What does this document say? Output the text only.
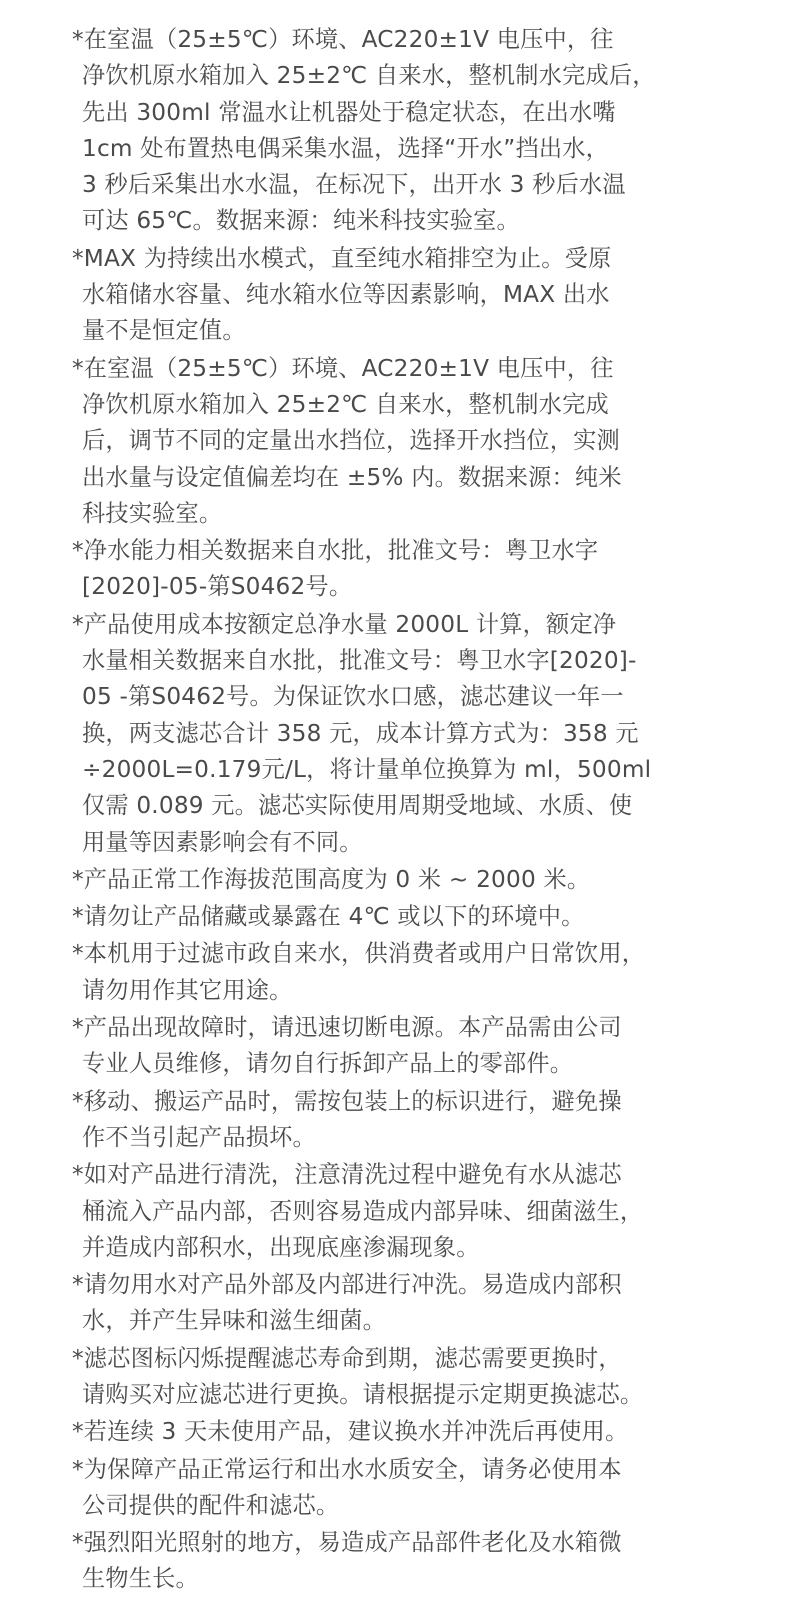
*在室温（25±5℃）环境、AC220±1V 电压中，往
净饮机原水箱加入 25±2℃ 自来水，整机制水完成后，
先出 300ml 常温水让机器处于稳定状态，在出水嘴
1cm 处布置热电偶采集水温，选择“开水”挡出水，
3 秒后采集出水水温，在标况下，出开水 3 秒后水温
可达 65℃。数据来源：纯米科技实验室。
*MAX 为持续出水模式，直至纯水箱排空为止。受原
水箱储水容量、纯水箱水位等因素影响，MAX 出水
量不是恒定值。
*在室温（25±5℃）环境、AC220±1V 电压中，往
净饮机原水箱加入 25±2℃ 自来水，整机制水完成
后，调节不同的定量出水挡位，选择开水挡位，实测
出水量与设定值偏差均在 ±5% 内。数据来源：纯米
科技实验室。
*净水能力相关数据来自水批，批准文号：粤卫水字
[2020]-05-第S0462号。
*产品使用成本按额定总净水量 2000L 计算，额定净
水量相关数据来自水批，批准文号：粤卫水字[2020]-
05 -第S0462号。为保证饮水口感，滤芯建议一年一
换，两支滤芯合计 358 元，成本计算方式为：358 元
÷2000L=0.179元/L，将计量单位换算为 ml，500ml
仅需 0.089 元。滤芯实际使用周期受地域、水质、使
用量等因素影响会有不同。
*产品正常工作海拔范围高度为 0 米 ~ 2000 米。
*请勿让产品储藏或暴露在 4℃ 或以下的环境中。
*本机用于过滤市政自来水，供消费者或用户日常饮用，
请勿用作其它用途。
*产品出现故障时，请迅速切断电源。本产品需由公司
专业人员维修，请勿自行拆卸产品上的零部件。
*移动、搬运产品时，需按包装上的标识进行，避免操
作不当引起产品损坏。
*如对产品进行清洗，注意清洗过程中避免有水从滤芯
桶流入产品内部，否则容易造成内部异味、细菌滋生，
并造成内部积水，出现底座渗漏现象。
*请勿用水对产品外部及内部进行冲洗。易造成内部积
水，并产生异味和滋生细菌。
*滤芯图标闪烁提醒滤芯寿命到期，滤芯需要更换时，
请购买对应滤芯进行更换。请根据提示定期更换滤芯。
*若连续 3 天未使用产品，建议换水并冲洗后再使用。
*为保障产品正常运行和出水水质安全，请务必使用本
公司提供的配件和滤芯。
*强烈阳光照射的地方，易造成产品部件老化及水箱微
生物生长。
